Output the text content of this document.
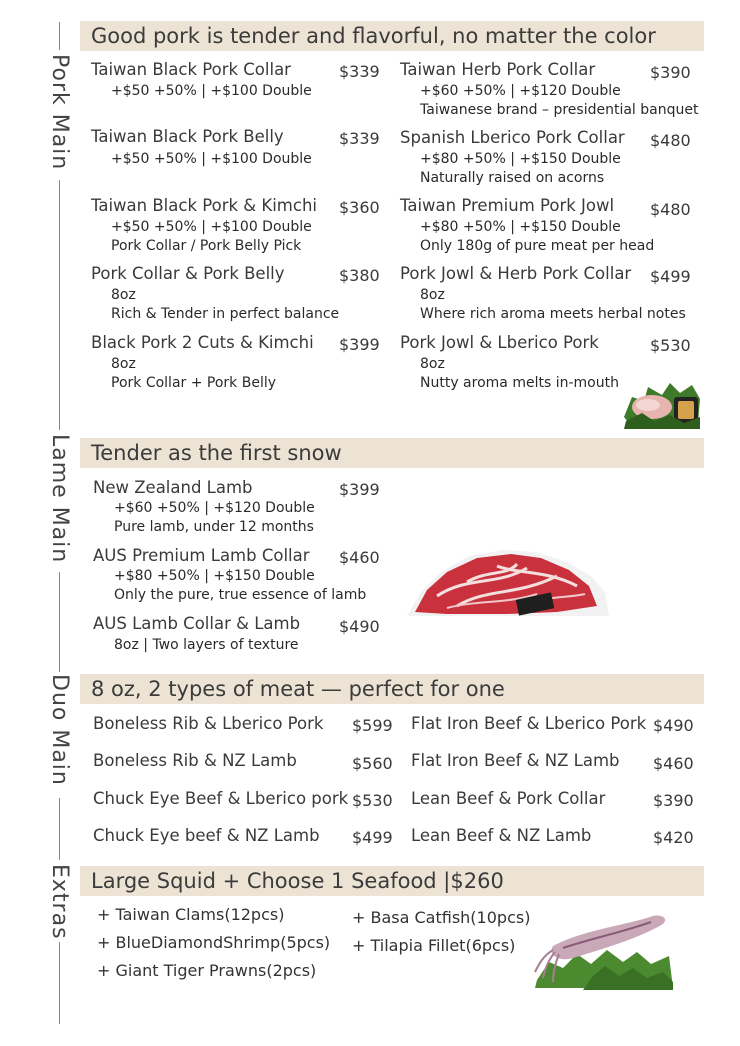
Pork Main
Lame Main
Duo Main
Extras
Good pork is tender and flavorful, no matter the color
Taiwan Black Pork Collar	$339
+$50 +50% | +$100 Double
Taiwan Black Pork Belly	$339
+$50 +50% | +$100 Double
Taiwan Black Pork & Kimchi $360
+$50 +50% | +$100 Double
Pork Collar / Pork Belly Pick
Pork Collar & Pork Belly	$380
8oz
Rich & Tender in perfect balance
Black Pork 2 Cuts & Kimchi $399
8oz
Pork Collar + Pork Belly
Taiwan Herb Pork Collar	$390
+$60 +50% | +$120 Double
Taiwanese brand – presidential banquet
Spanish Lberico Pork Collar $480
+$80 +50% | +$150 Double
Naturally raised on acorns
Taiwan Premium Pork Jowl $480
+$80 +50% | +$150 Double
Only 180g of pure meat per head
Pork Jowl & Herb Pork Collar $499
8oz
Where rich aroma meets herbal notes
Pork Jowl & Lberico Pork	$530
8oz
Nutty aroma melts in-mouth
Tender as the first snow
New Zealand Lamb	$399
+$60 +50% | +$120 Double
Pure lamb, under 12 months
AUS Premium Lamb Collar $460
+$80 +50% | +$150 Double
Only the pure, true essence of lamb
AUS Lamb Collar & Lamb $490
8oz | Two layers of texture
8 oz, 2 types of meat — perfect for one
Boneless Rib & Lberico Pork $599
Boneless Rib & NZ Lamb	$560
Chuck Eye Beef & Lberico pork $530
Chuck Eye beef & NZ Lamb $499
Flat Iron Beef & Lberico Pork $490
Flat Iron Beef & NZ Lamb $460
Lean Beef & Pork Collar	$390
Lean Beef & NZ Lamb	$420
Large Squid + Choose 1 Seafood |$260
+ Taiwan Clams(12pcs)
+ BlueDiamondShrimp(5pcs)
+ Giant Tiger Prawns(2pcs)
+ Basa Catfish(10pcs)
+ Tilapia Fillet(6pcs)
